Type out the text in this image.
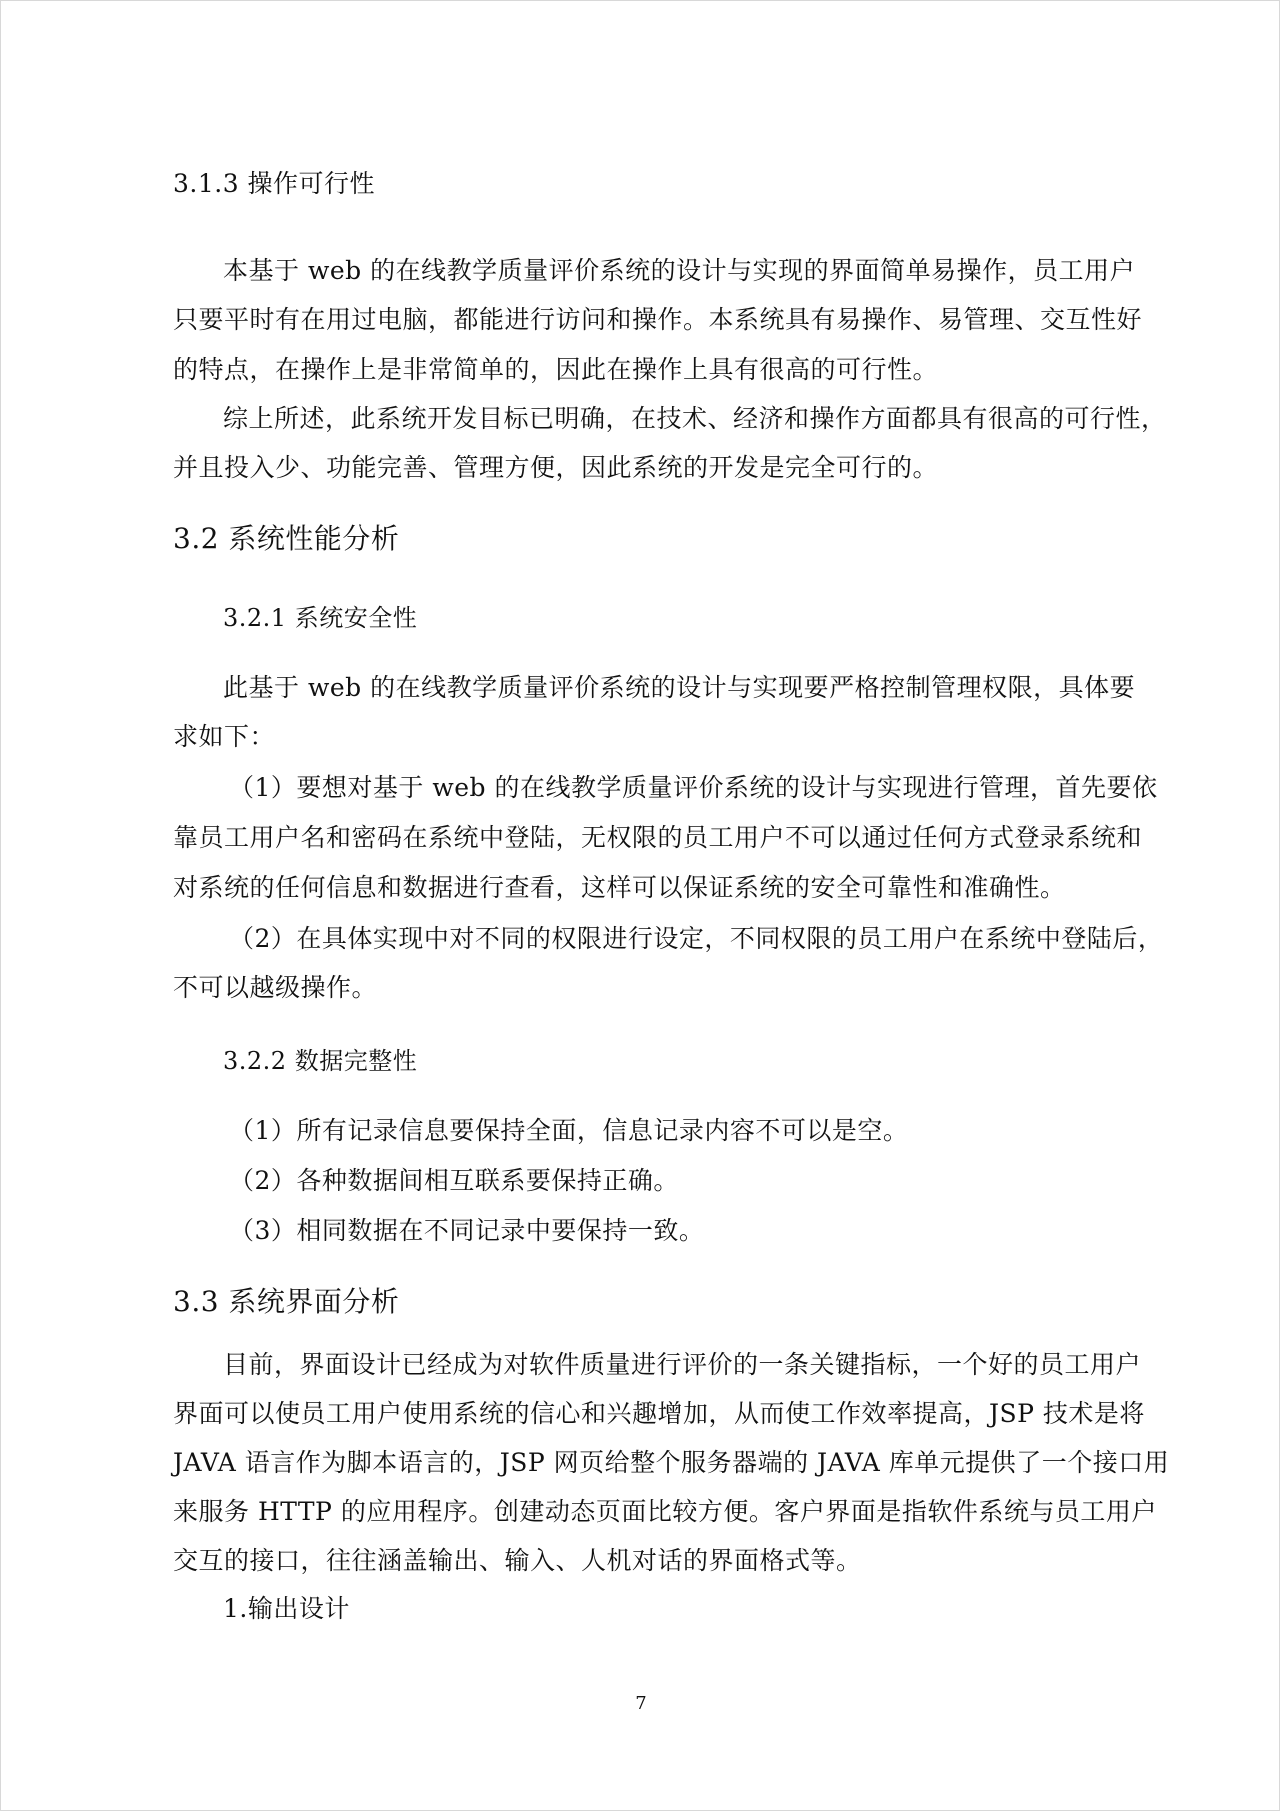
3.1.3 操作可行性
本基于 web 的在线教学质量评价系统的设计与实现的界面简单易操作，员工用户
只要平时有在用过电脑，都能进行访问和操作。本系统具有易操作、易管理、交互性好
的特点，在操作上是非常简单的，因此在操作上具有很高的可行性。
综上所述，此系统开发目标已明确，在技术、经济和操作方面都具有很高的可行性，
并且投入少、功能完善、管理方便，因此系统的开发是完全可行的。
3.2 系统性能分析
3.2.1 系统安全性
此基于 web 的在线教学质量评价系统的设计与实现要严格控制管理权限，具体要
求如下：
（1）要想对基于 web 的在线教学质量评价系统的设计与实现进行管理，首先要依
靠员工用户名和密码在系统中登陆，无权限的员工用户不可以通过任何方式登录系统和
对系统的任何信息和数据进行查看，这样可以保证系统的安全可靠性和准确性。
（2）在具体实现中对不同的权限进行设定，不同权限的员工用户在系统中登陆后，
不可以越级操作。
3.2.2 数据完整性
（1）所有记录信息要保持全面，信息记录内容不可以是空。
（2）各种数据间相互联系要保持正确。
（3）相同数据在不同记录中要保持一致。
3.3 系统界面分析
目前，界面设计已经成为对软件质量进行评价的一条关键指标，一个好的员工用户
界面可以使员工用户使用系统的信心和兴趣增加，从而使工作效率提高，JSP 技术是将
JAVA 语言作为脚本语言的，JSP 网页给整个服务器端的 JAVA 库单元提供了一个接口用
来服务 HTTP 的应用程序。创建动态页面比较方便。客户界面是指软件系统与员工用户
交互的接口，往往涵盖输出、输入、人机对话的界面格式等。
1.输出设计
7
